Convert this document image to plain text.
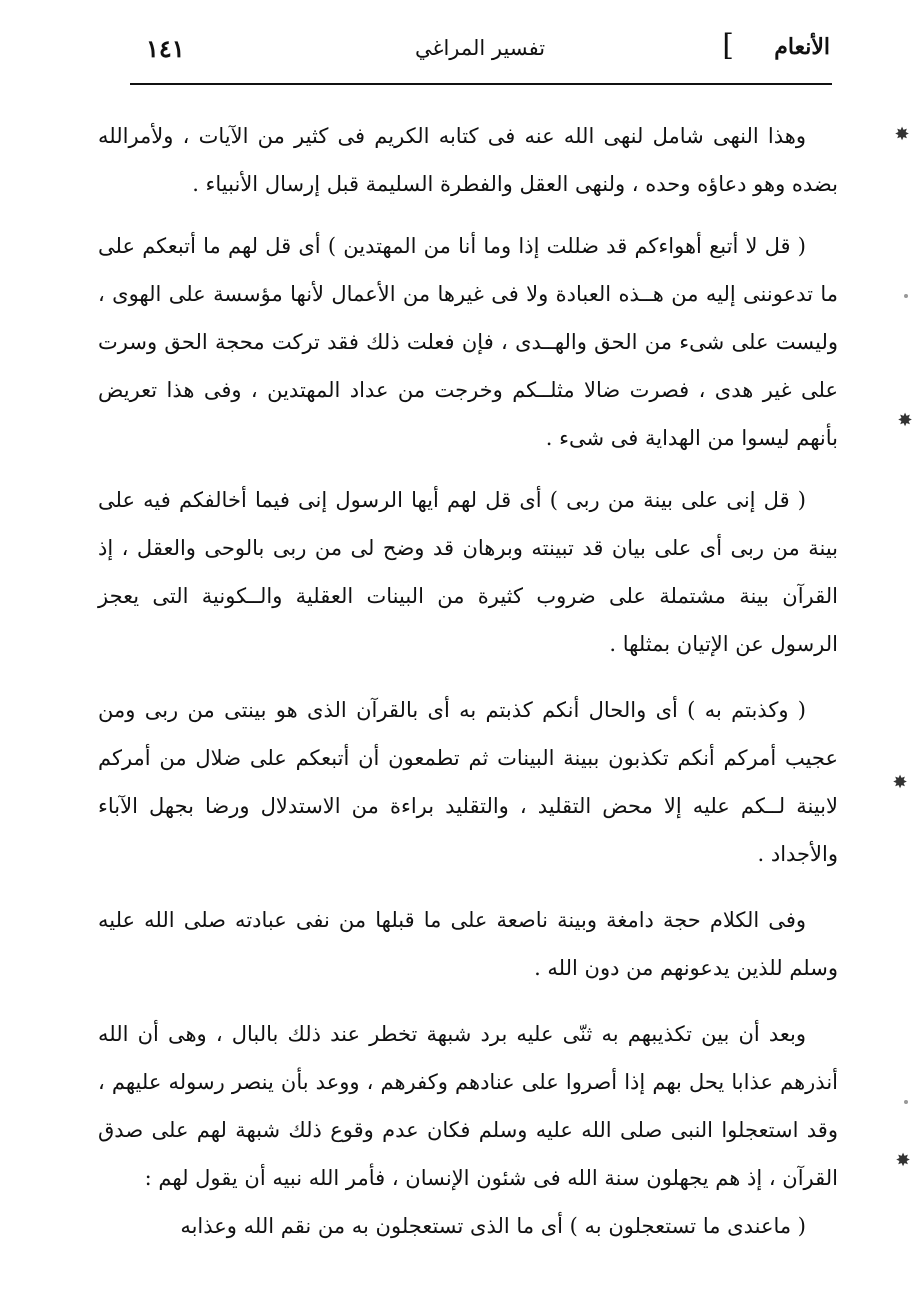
الأنعام
]
تفسير المراغي
١٤١

وهذا النهى شامل لنهى الله عنه فى كتابه الكريم فى كثير من الآيات ، ولأمرالله بضده وهو دعاؤه وحده ، ولنهى العقل والفطرة السليمة قبل إرسال الأنبياء .

( قل لا أتبع أهواءكم قد ضللت إذا وما أنا من المهتدين ) أى قل لهم ما أتبعكم على ما تدعوننى إليه من هــذه العبادة ولا فى غيرها من الأعمال لأنها مؤسسة على الهوى ، وليست على شىء من الحق والهــدى ، فإن فعلت ذلك فقد تركت محجة الحق وسرت على غير هدى ، فصرت ضالا مثلــكم وخرجت من عداد المهتدين ، وفى هذا تعريض بأنهم ليسوا من الهداية فى شىء .

( قل إنى على بينة من ربى ) أى قل لهم أيها الرسول إنى فيما أخالفكم فيه على بينة من ربى أى على بيان قد تبينته وبرهان قد وضح لى من ربى بالوحى والعقل ، إذ القرآن بينة مشتملة على ضروب كثيرة من البينات العقلية والــكونية التى يعجز الرسول عن الإتيان بمثلها .

( وكذبتم به ) أى والحال أنكم كذبتم به أى بالقرآن الذى هو بينتى من ربى ومن عجيب أمركم أنكم تكذبون ببينة البينات ثم تطمعون أن أتبعكم على ضلال من أمركم لابينة لــكم عليه إلا محض التقليد ، والتقليد براءة من الاستدلال ورضا بجهل الآباء والأجداد .

وفى الكلام حجة دامغة وبينة ناصعة على ما قبلها من نفى عبادته صلى الله عليه وسلم للذين يدعونهم من دون الله .

وبعد أن بين تكذيبهم به ثنّى عليه برد شبهة تخطر عند ذلك بالبال ، وهى أن الله أنذرهم عذابا يحل بهم إذا أصروا على عنادهم وكفرهم ، ووعد بأن ينصر رسوله عليهم ، وقد استعجلوا النبى صلى الله عليه وسلم فكان عدم وقوع ذلك شبهة لهم على صدق القرآن ، إذ هم يجهلون سنة الله فى شئون الإنسان ، فأمر الله نبيه أن يقول لهم :

( ماعندى ما تستعجلون به ) أى ما الذى تستعجلون به من نقم الله وعذابه

✸
✸
✸
✸
